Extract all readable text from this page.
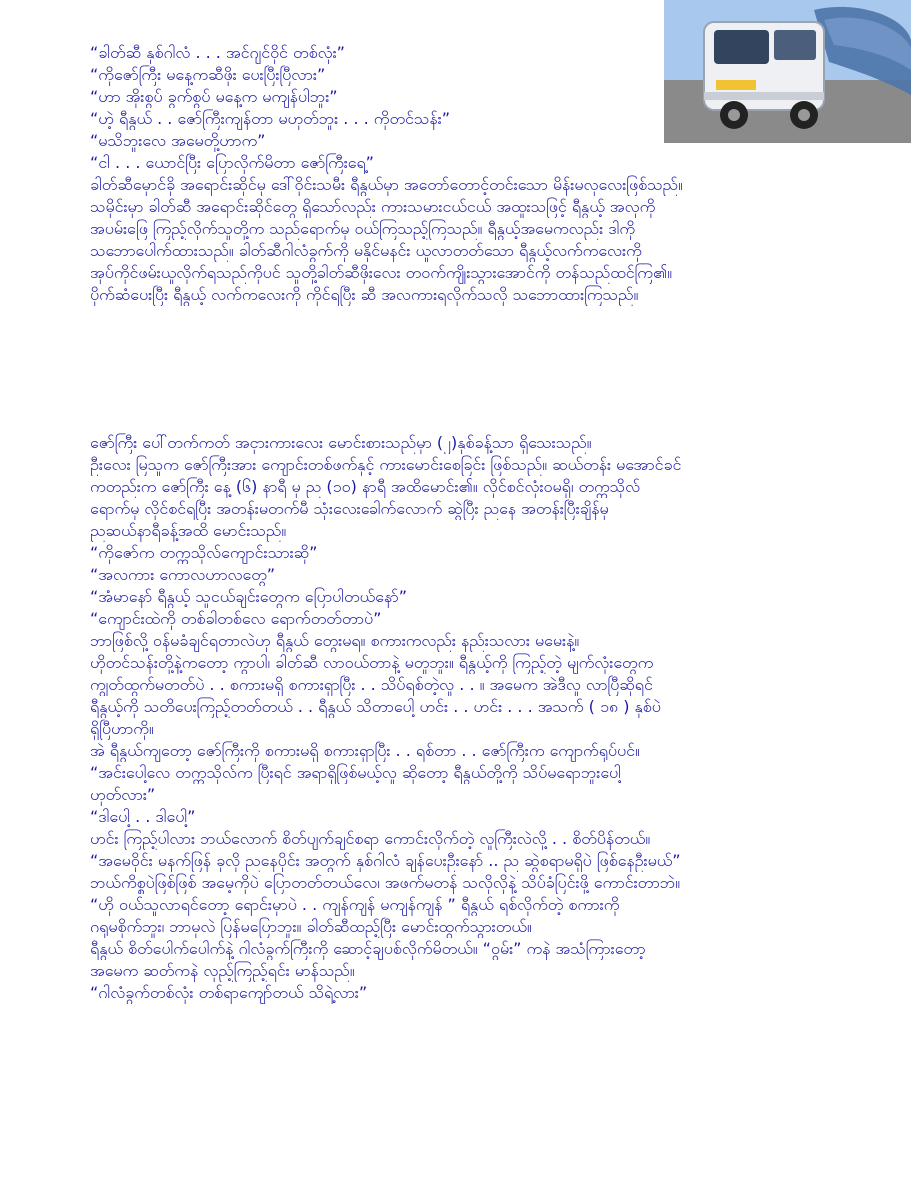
“ခါတ်ဆီ နှစ်ဂါလံ . . . အင်ဂျင်ဝိုင် တစ်လုံး”
“ကိုဇော်ကြီး မနေ့ကဆီဖိုး ပေးပြီးပြီလား”
“ဟာ အိုးစွပ် ခွက်စွပ် မနေ့က မကျန်ပါဘူး”
“ဟဲ့ ရီနွယ် . . ဇော်ကြီးကျန်တာ မဟုတ်ဘူး . . . ကိုတင်သန်း”
“မသိဘူးလေ အမေတို့ဟာက”
“ငါ . . . ယောင်ပြီး ပြောလိုက်မိတာ ဇော်ကြီးရေ့”
ခါတ်ဆီမှောင်ခို အရောင်းဆိုင်မှ ဒေါ်ဝိုင်းသမီး ရီနွယ်မှာ အတော်တောင့်တင်းသော မိန်းမလှလေးဖြစ်သည်။
သမိုင်းမှာ ခါတ်ဆီ အရောင်းဆိုင်တွေ ရှိသော်လည်း ကားသမားငယ်ငယ် အထူးသဖြင့် ရီနွယ့် အလှကို
အပမ်းဖြေ ကြည့်လိုက်သူတို့က သည်ရောက်မှ ဝယ်ကြသည့်ကြသည်။ ရီနွယ့်အမေကလည်း ဒါကို
သဘောပေါက်ထားသည်။ ခါတ်ဆီဂါလံခွက်ကို မနိုင်မနင်း ယူလာတတ်သော ရီနွယ့်လက်ကလေးကို
အုပ်ကိုင်ဖမ်းယူလိုက်ရသည်ကိုပင် သူတို့ခါတ်ဆီဖိုးလေး တဝက်ကျိုးသွားအောင်ကို တန်သည်ထင်ကြ၏။
ပိုက်ဆံပေးပြီး ရီနွယ့် လက်ကလေးကို ကိုင်ရပြီး ဆီ အလကားရလိုက်သလို သဘောထားကြသည်။
ဇော်ကြီး ပေါ်တက်ကတ် အငှားကားလေး မောင်းစားသည်မှာ (၂)နှစ်ခန့်သာ ရှိသေးသည်။
ဦးလေး မြသူက ဇော်ကြီးအား ကျောင်းတစ်ဖက်နှင့် ကားမောင်းစေခြင်း ဖြစ်သည်။ ဆယ်တန်း မအောင်ခင်
ကတည်းက ဇော်ကြီး နေ့ (၆) နာရီ မှ ည (၁၀) နာရီ အထိမောင်း၏။ လိုင်စင်လုံးဝမရှိ၊ တက္ကသိုလ်
ရောက်မှ လိုင်စင်ရပြီး အတန်းမတက်မီ သုံးလေးခေါက်လောက် ဆွဲပြီး ညနေ အတန်းပြီးချိန်မှ
ညဆယ်နာရီခန့်အထိ မောင်းသည်။
“ကိုဇော်က တက္ကသိုလ်ကျောင်းသားဆို”
“အလကား ကောလဟာလတွေ”
“အံမာနော် ရီနွယ့် သူငယ်ချင်းတွေက ပြောပါတယ်နော်”
“ကျောင်းထဲကို တစ်ခါတစ်လေ ရောက်တတ်တာပဲ”
ဘာဖြစ်လို့ ဝန်မခံချင်ရတာလဲဟု ရီနွယ် တွေးမရ။ စကားကလည်း နည်းသလား မမေးနဲ့။
ဟိုတင်သန်းတို့နဲ့ကတော့ ကွာပါ၊ ခါတ်ဆီ လာဝယ်တာနဲ့ မတူဘူး။ ရီနွယ့်ကို ကြည့်တဲ့ မျက်လုံးတွေက
ကျွတ်ထွက်မတတ်ပဲ . . စကားမရှိ စကားရှာပြီး . . သိပ်ရစ်တဲ့လူ . . ။ အမေက အဲဒီလူ လာပြီဆိုရင်
ရီနွယ့်ကို သတိပေးကြည့်တတ်တယ် . . ရီနွယ် သိတာပေါ့ ဟင်း . . ဟင်း . . . အသက် ( ၁၈ ) နှစ်ပဲ
ရှိပြီဟာကို။
အဲ ရီနွယ်ကျတော့ ဇော်ကြီးကို စကားမရှိ စကားရှာပြီး . . ရစ်တာ . . ဇော်ကြီးက ကျောက်ရုပ်ပင်။
“အင်းပေါ့လေ တက္ကသိုလ်က ပြီးရင် အရာရှိဖြစ်မယ့်လူ ဆိုတော့ ရီနွယ်တို့ကို သိပ်မရောဘူးပေါ့
ဟုတ်လား”
“ဒါပေါ့ . . ဒါပေါ့”
ဟင်း ကြည့်ပါလား ဘယ်လောက် စိတ်ပျက်ချင်စရာ ကောင်းလိုက်တဲ့ လူကြီးလဲလို့ . . စိတ်ပိန်တယ်။
“အမေဝိုင်း မနက်ဖြန် ခုလို ညနေပိုင်း အတွက် နှစ်ဂါလံ ချန်ပေးဦးနော် .. ည ဆွဲစရာမရှိပဲ ဖြစ်နေဦးမယ်”
ဘယ်ကိစ္စပဲဖြစ်ဖြစ် အမေ့ကိုပဲ ပြောတတ်တယ်လေ၊ အဖက်မတန် သလိုလိုနဲ့ သိပ်ခံပြင်းဖို့ ကောင်းတာဘဲ။
“ဟို ဝယ်သူလာရင်တော့ ရောင်းမှာပဲ . . ကျန်ကျန် မကျန်ကျန် ” ရီနွယ် ရစ်လိုက်တဲ့ စကားကို
ဂရုမစိုက်ဘူး၊ ဘာမှလဲ ပြန်မပြောဘူး။ ခါတ်ဆီထည့်ပြီး မောင်းထွက်သွားတယ်။
ရီနွယ် စိတ်ပေါက်ပေါက်နဲ့ ဂါလံခွက်ကြီးကို ဆောင့်ချပစ်လိုက်မိတယ်။ “ဝွမ်း” ကနဲ အသံကြားတော့
အမေက ဆတ်ကနဲ လှည့်ကြည့်ရင်း မာန်သည်။
“ဂါလံခွက်တစ်လုံး တစ်ရာကျော်တယ် သိရဲ့လား”
